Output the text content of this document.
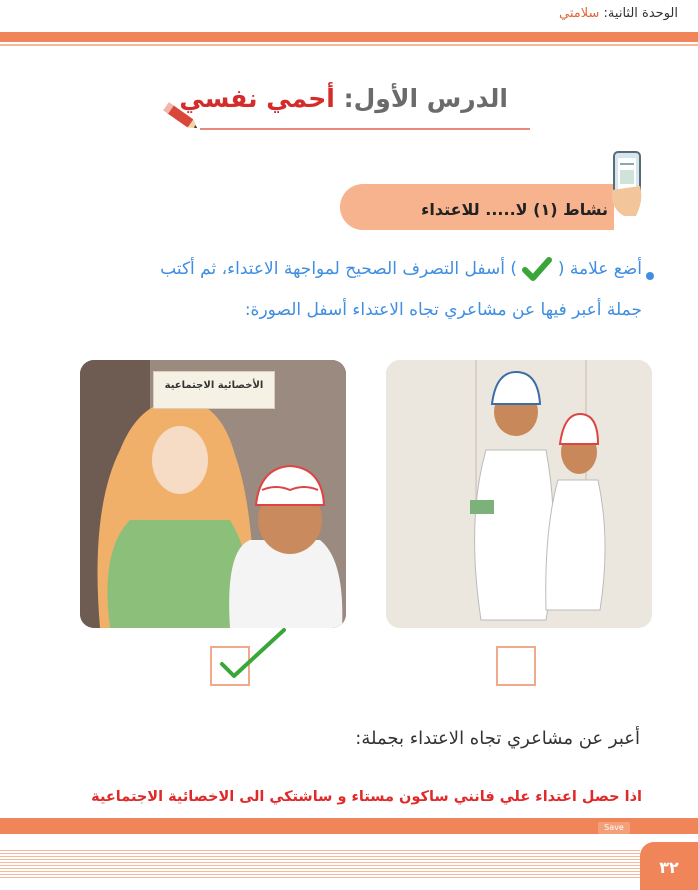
الوحدة الثانية: سلامتي
الدرس الأول: أحمي نفسي
نشاط (١) لا..... للاعتداء
أضع علامة (  ) أسفل التصرف الصحيح لمواجهة الاعتداء، ثم أكتب
جملة أعبر فيها عن مشاعري تجاه الاعتداء أسفل الصورة:
الأخصائية الاجتماعية
أعبر عن مشاعري تجاه الاعتداء بجملة:
اذا حصل اعتداء علي فانني ساكون مستاء و ساشتكي الى الاخصائية الاجتماعية
Save
٣٢
